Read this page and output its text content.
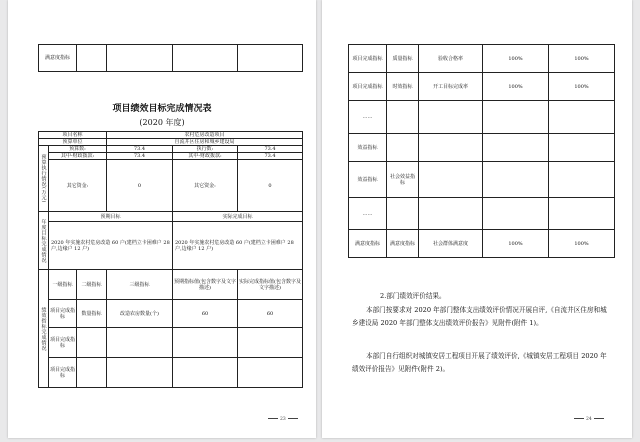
满意度指标				
项目绩效目标完成情况表
(2020 年度)
项目名称			农村危房改造项目		
预算单位			自流井区住房和城乡建设局		
预算执行情况(万元)	预算数:		73.4	执行数:	73.4
	其中-财政拨款:		73.4	其中-财政拨款:	73.4
	其它资金:		0	其它资金:	0
年度目标完成情况	预期目标			实际完成目标	
	2020 年实施农村危房改造 60 户(建档立卡困难户 28 户,边缘户 12 户)			2020 年实施农村危房改造 60 户(建档立卡困难户 28 户,边缘户 12 户)	
绩效指标完成情况	一级指标	二级指标	三级指标	预期指标值(包含数字及文字描述)	实际完成指标值(包含数字及文字描述)
	项目完成指标	数量指标	改造农房数量(个)	60	60
	项目完成指标				
	项目完成指标				
23
项目完成指标	质量指标	验收合格率	100%	100%
项目完成指标	时效指标	开工目标完成率	100%	100%
……				
效益指标				
效益指标	社会效益指标			
……				
满意度指标	满意度指标	社会群体满意度	100%	100%
2.部门绩效评价结果。
本部门按要求对 2020 年部门整体支出绩效评价情况开展自评,《自流井区住房和城乡建设局 2020 年部门整体支出绩效评价报告》见附件(附件 1)。
本部门自行组织对城镇安居工程项目开展了绩效评价,《城镇安居工程项目 2020 年绩效评价报告》见附件(附件 2)。
24
